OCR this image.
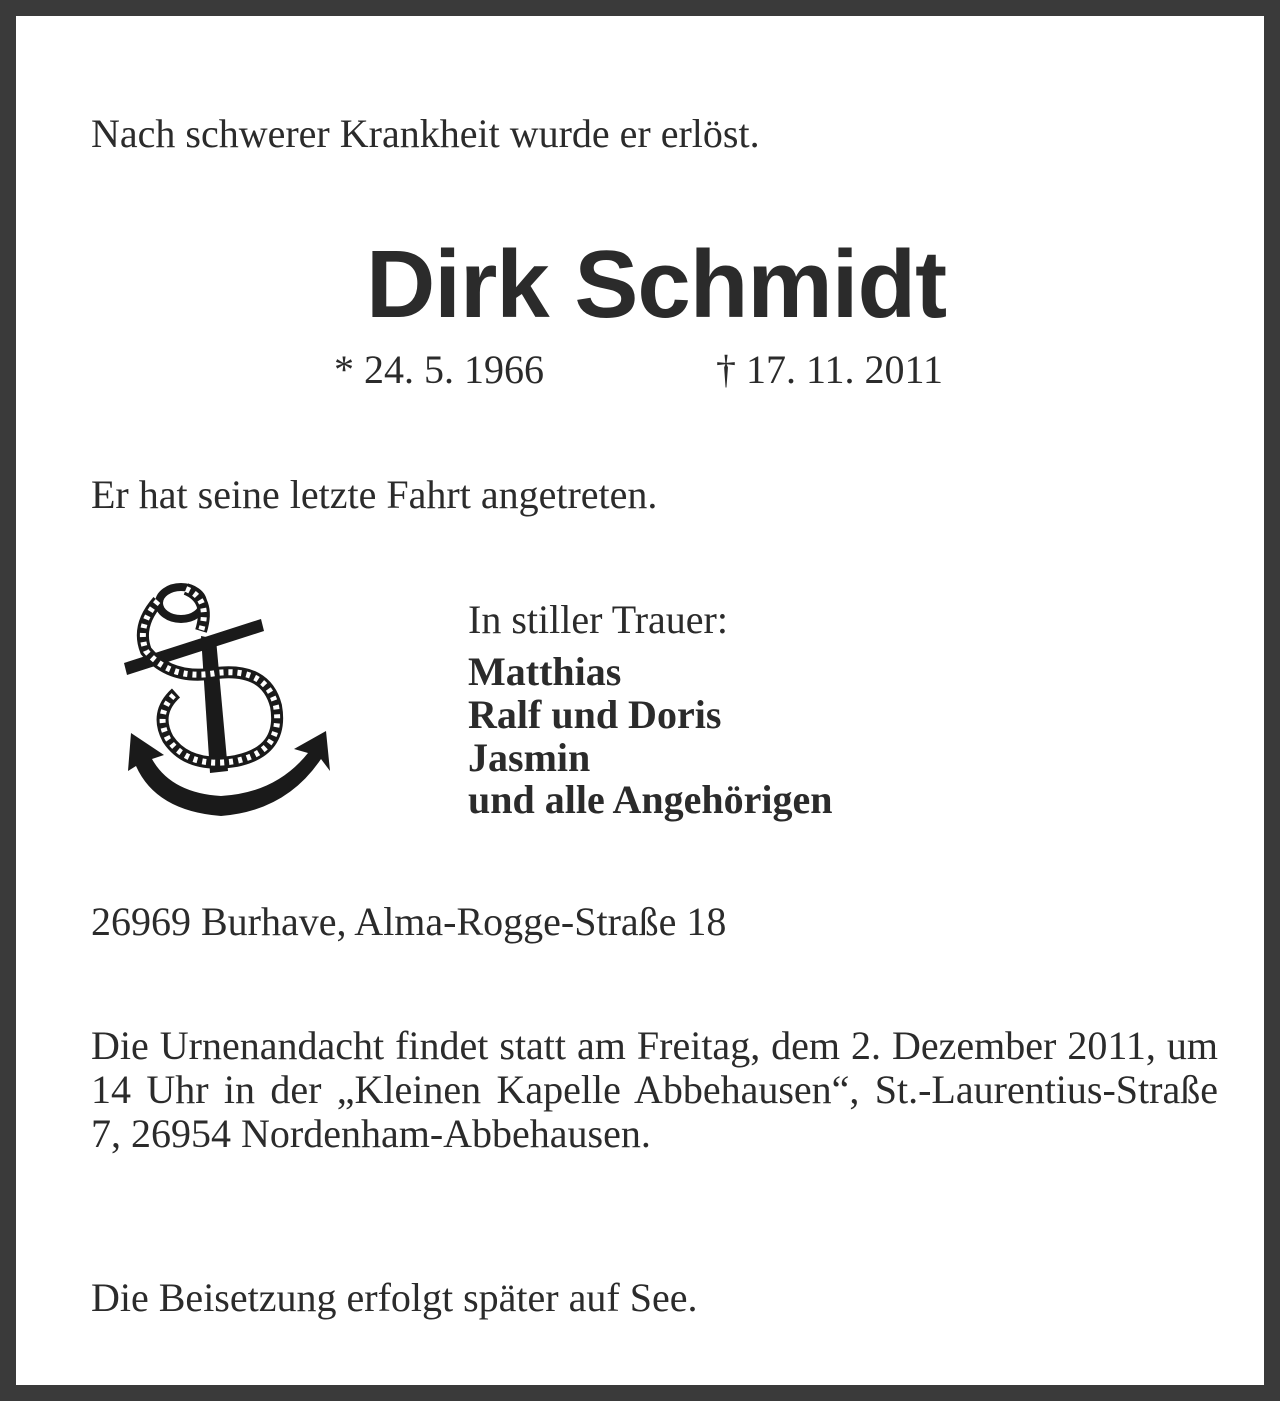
Nach schwerer Krankheit wurde er erlöst.

Dirk Schmidt

* 24. 5. 1966	† 17. 11. 2011

Er hat seine letzte Fahrt angetreten.

In stiller Trauer:

Matthias

Ralf und Doris

Jasmin

und alle Angehörigen

26969 Burhave, Alma-Rogge-Straße 18

Die Urnenandacht findet statt am Freitag, dem 2. Dezember 2011, um 14 Uhr in der „Kleinen Kapelle Abbehausen“, St.-Laurentius-Straße 7, 26954 Nordenham-Abbehausen.

Die Beisetzung erfolgt später auf See.
